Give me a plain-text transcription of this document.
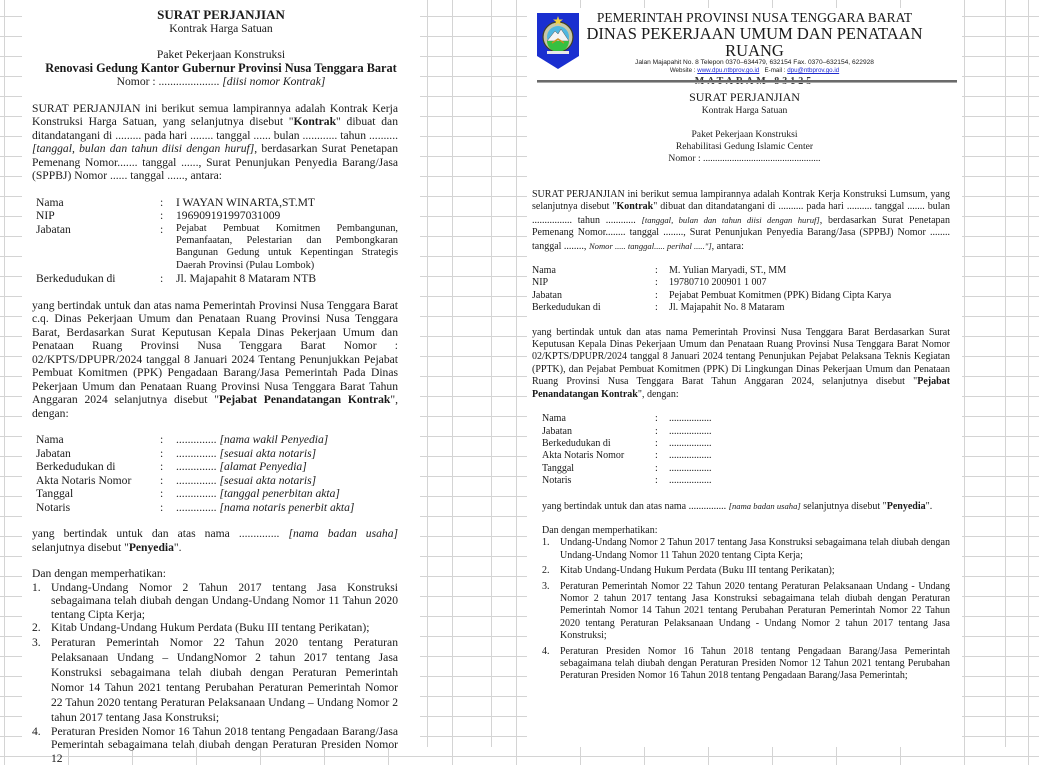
SURAT PERJANJIAN
Kontrak Harga Satuan
Paket Pekerjaan Konstruksi
Renovasi Gedung Kantor Gubernur Provinsi Nusa Tenggara Barat
Nomor : ..................... [diisi nomor Kontrak]

SURAT PERJANJIAN ini berikut semua lampirannya adalah Kontrak Kerja Konstruksi Harga Satuan, yang selanjutnya disebut "Kontrak" dibuat dan ditandatangani di ......... pada hari ........ tanggal ...... bulan ............ tahun .......... [tanggal, bulan dan tahun diisi dengan huruf], berdasarkan Surat Penetapan Pemenang Nomor....... tanggal ......, Surat Penunjukan Penyedia Barang/Jasa (SPPBJ) Nomor ...... tanggal ......, antara:

Nama	:	I WAYAN WINARTA,ST.MT
NIP	:	196909191997031009
Jabatan	:	Pejabat Pembuat Komitmen Pembangunan, Pemanfaatan, Pelestarian dan Pembongkaran Bangunan Gedung untuk Kepentingan Strategis Daerah Provinsi (Pulau Lombok)
Berkedudukan di	:	Jl. Majapahit 8 Mataram NTB

yang bertindak untuk dan atas nama Pemerintah Provinsi Nusa Tenggara Barat c.q. Dinas Pekerjaan Umum dan Penataan Ruang Provinsi Nusa Tenggara Barat, Berdasarkan Surat Keputusan Kepala Dinas Pekerjaan Umum dan Penataan Ruang Provinsi Nusa Tenggara Barat Nomor : 02/KPTS/DPUPR/2024 tanggal 8 Januari 2024 Tentang Penunjukkan Pejabat Pembuat Komitmen (PPK) Pengadaan Barang/Jasa Pemerintah Pada Dinas Pekerjaan Umum dan Penataan Ruang Provinsi Nusa Tenggara Barat Tahun Anggaran 2024 selanjutnya disebut "Pejabat Penandatangan Kontrak", dengan:

Nama	:	.............. [nama wakil Penyedia]
Jabatan	:	.............. [sesuai akta notaris]
Berkedudukan di	:	.............. [alamat Penyedia]
Akta Notaris Nomor	:	.............. [sesuai akta notaris]
Tanggal	:	.............. [tanggal penerbitan akta]
Notaris	:	.............. [nama notaris penerbit akta]

yang bertindak untuk dan atas nama .............. [nama badan usaha] selanjutnya disebut "Penyedia".

Dan dengan memperhatikan:

1. Undang-Undang Nomor 2 Tahun 2017 tentang Jasa Konstruksi sebagaimana telah diubah dengan Undang-Undang Nomor 11 Tahun 2020 tentang Cipta Kerja;
2. Kitab Undang-Undang Hukum Perdata (Buku III tentang Perikatan);
3. Peraturan Pemerintah Nomor 22 Tahun 2020 tentang Peraturan Pelaksanaan Undang – UndangNomor 2 tahun 2017 tentang Jasa Konstruksi sebagaimana telah diubah dengan Peraturan Pemerintah Nomor 14 Tahun 2021 tentang Perubahan Peraturan Pemerintah Nomor 22 Tahun 2020 tentang Peraturan Pelaksanaan Undang – Undang Nomor 2 tahun 2017 tentang Jasa Konstruksi;
4. Peraturan Presiden Nomor 16 Tahun 2018 tentang Pengadaan Barang/Jasa Pemerintah sebagaimana telah diubah dengan Peraturan Presiden Nomor 12
PEMERINTAH PROVINSI NUSA TENGGARA BARAT
DINAS PEKERJAAN UMUM DAN PENATAAN RUANG
Jalan Majapahit No. 8 Telepon 0370–634479, 632154 Fax. 0370–632154, 622928
Website : www.dpu.ntbprov.go.id   E-mail : dpu@ntbprov.go.id
SURAT PERJANJIAN
Kontrak Harga Satuan
Paket Pekerjaan Konstruksi
Rehabilitasi Gedung Islamic Center
Nomor : .................................................

SURAT PERJANJIAN ini berikut semua lampirannya adalah Kontrak Kerja Konstruksi Lumsum, yang selanjutnya disebut "Kontrak" dibuat dan ditandatangani di .......... pada hari .......... tanggal ....... bulan ................ tahun ............ [tanggal, bulan dan tahun diisi dengan huruf], berdasarkan Surat Penetapan Pemenang Nomor........ tanggal ........, Surat Penunjukan Penyedia Barang/Jasa (SPPBJ) Nomor ........ tanggal ........, Nomor ..... tanggal..... perihal ....."], antara:

Nama	:	M. Yulian Maryadi, ST., MM
NIP	:	19780710 200901 1 007
Jabatan	:	Pejabat Pembuat Komitmen (PPK) Bidang Cipta Karya
Berkedudukan di	:	Jl. Majapahit No. 8 Mataram

yang bertindak untuk dan atas nama Pemerintah Provinsi Nusa Tenggara Barat Berdasarkan Surat Keputusan Kepala Dinas Pekerjaan Umum dan Penataan Ruang Provinsi Nusa Tenggara Barat Nomor 02/KPTS/DPUPR/2024 tanggal 8 Januari 2024 tentang Penunjukan Pejabat Pelaksana Teknis Kegiatan (PPTK), dan Pejabat Pembuat Komitmen (PPK) Di Lingkungan Dinas Pekerjaan Umum dan Penataan Ruang Provinsi Nusa Tenggara Barat Tahun Anggaran 2024, selanjutnya disebut "Pejabat Penandatangan Kontrak", dengan:

Nama	:	.................
Jabatan	:	.................
Berkedudukan di	:	.................
Akta Notaris Nomor	:	.................
Tanggal	:	.................
Notaris	:	.................

yang bertindak untuk dan atas nama ............... [nama badan usaha] selanjutnya disebut "Penyedia".

Dan dengan memperhatikan:

1.	Undang-Undang Nomor 2 Tahun 2017 tentang Jasa Konstruksi sebagaimana telah diubah dengan Undang-Undang Nomor 11 Tahun 2020 tentang Cipta Kerja;
2.	Kitab Undang-Undang Hukum Perdata (Buku III tentang Perikatan);
3.	Peraturan Pemerintah Nomor 22 Tahun 2020 tentang Peraturan Pelaksanaan Undang - Undang Nomor 2 tahun 2017 tentang Jasa Konstruksi sebagaimana telah diubah dengan Peraturan Pemerintah Nomor 14 Tahun 2021 tentang Perubahan Peraturan Pemerintah Nomor 22 Tahun 2020 tentang Peraturan Pelaksanaan Undang - Undang Nomor 2 tahun 2017 tentang Jasa Konstruksi;
4.	Peraturan Presiden Nomor 16 Tahun 2018 tentang Pengadaan Barang/Jasa Pemerintah sebagaimana telah diubah dengan Peraturan Presiden Nomor 12 Tahun 2021 tentang Perubahan Peraturan Presiden Nomor 16 Tahun 2018 tentang Pengadaan Barang/Jasa Pemerintah;
